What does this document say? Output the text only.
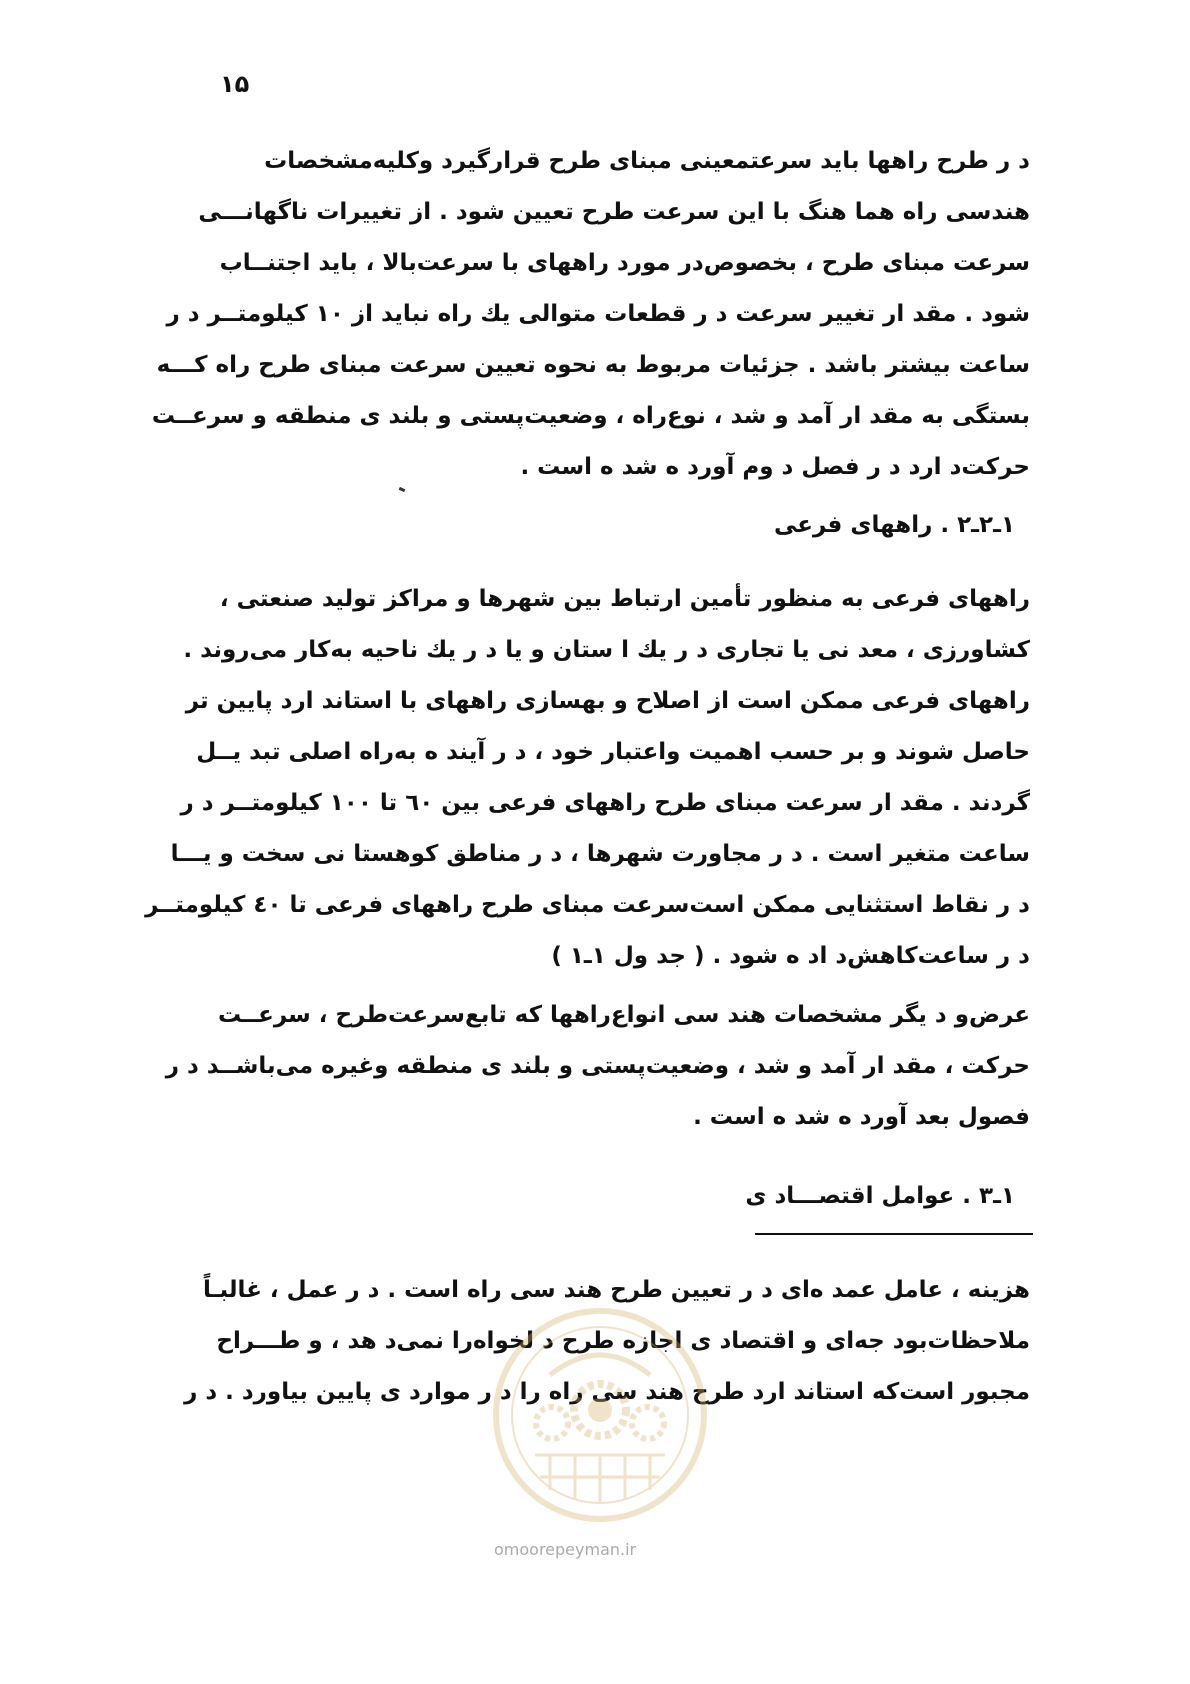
۱۵
د ر طرح راهها باید سرعتمعینی مبنای طرح قرارگیرد وکلیه‌مشخصات
هندسی راه هما هنگ با این سرعت طرح تعیین شود . از تغییرات ناگهانـــی
سرعت مبنای طرح ، بخصوص‌در مورد راههای با سرعت‌بالا ، باید اجتنــاب
شود . مقد ار تغییر سرعت د ر قطعات متوالی یك راه نباید از ۱۰ کیلومتــر د ر
ساعت بیشتر باشد . جزئیات مربوط به نحوه تعیین سرعت مبنای طرح راه کـــه
بستگی به مقد ار آمد و شد ، نوع‌راه ، وضعیت‌پستی و بلند ی منطقه و سرعــت
حرکت‌د ارد د ر فصل د وم آورد ه شد ه است .
۱ـ۲ـ۲ . راههای فرعی
راههای فرعی به منظور تأمین ارتباط بین شهرها و مراکز تولید صنعتی ،
کشاورزی ، معد نی یا تجاری د ر یك ا ستان و یا د ر یك ناحیه به‌کار می‌روند .
راههای فرعی ممکن است از اصلاح و بهسازی راههای با استاند ارد پایین تر
حاصل شوند و بر حسب اهمیت واعتبار خود ، د ر آیند ه به‌راه اصلی تبد یــل
گردند . مقد ار سرعت مبنای طرح راههای فرعی بین ٦٠ تا ١٠٠ کیلومتــر د ر
ساعت متغیر است . د ر مجاورت شهرها ، د ر مناطق کوهستا نی سخت و یـــا
د ر نقاط استثنایی ممکن است‌سرعت مبنای طرح راههای فرعی تا ٤٠ کیلومتــر
د ر ساعت‌کاهش‌د اد ه شود . ( جد ول ۱ـ۱ )
عرض‌و د یگر مشخصات هند سی انواع‌راهها که تابع‌سرعت‌طرح ، سرعــت
حرکت ، مقد ار آمد و شد ، وضعیت‌پستی و بلند ی منطقه وغیره می‌باشــد د ر
فصول بعد آورد ه شد ه است .
۱ـ۳ . عوامل اقتصـــاد ی
هزینه ، عامل عمد ه‌ای د ر تعیین طرح هند سی راه است . د ر عمل ، غالبـاً
ملاحظات‌بود جه‌ای و اقتصاد ی اجازه طرح د لخواه‌را نمی‌د هد ، و طـــراح
مجبور است‌که استاند ارد طرح هند سی راه را د ر موارد ی پایین بیاورد . د ر
omoorepeyman.ir
